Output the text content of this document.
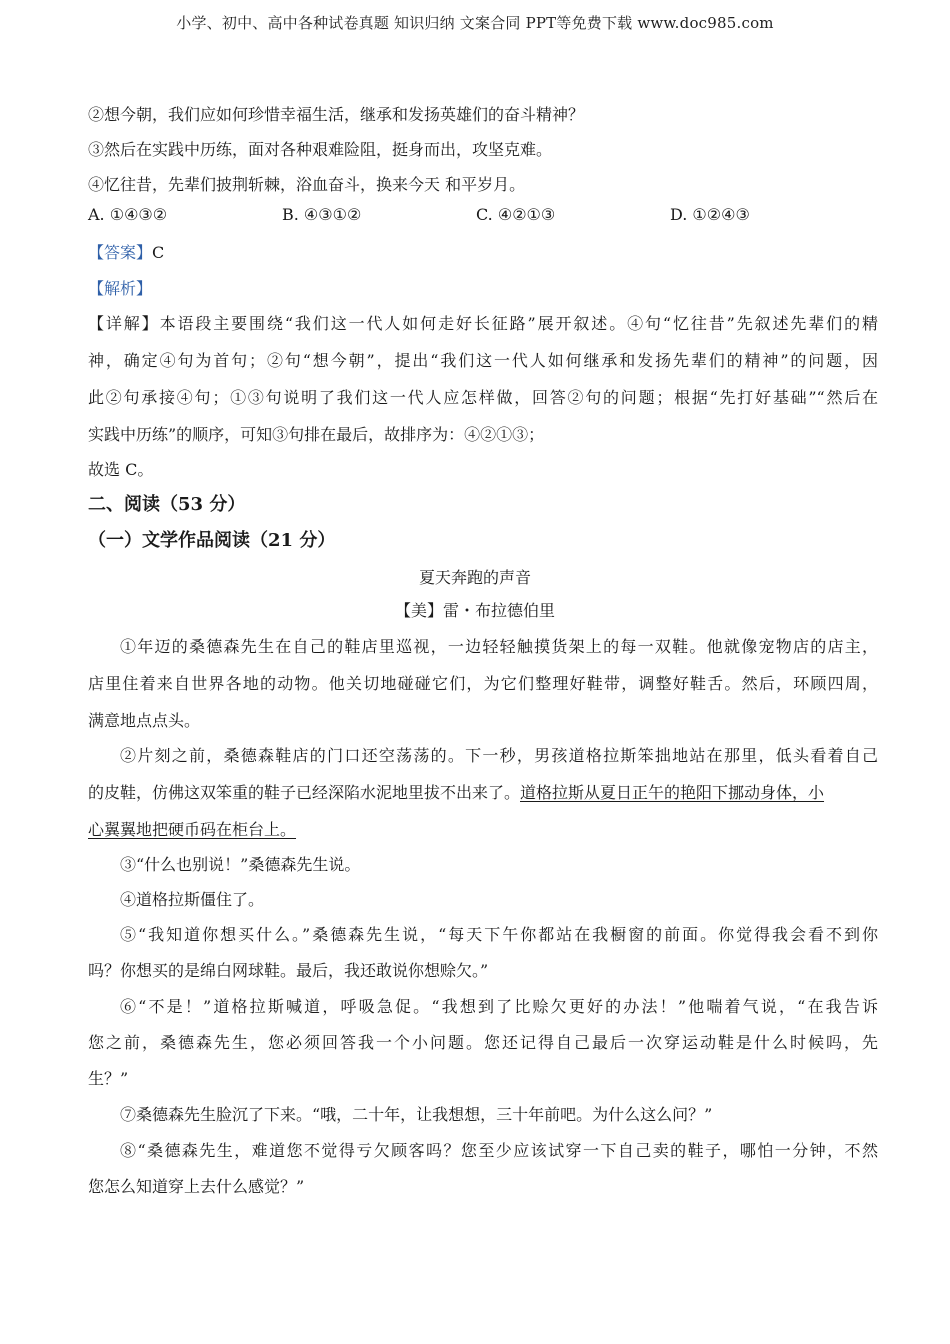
小学、初中、高中各种试卷真题 知识归纳 文案合同 PPT等免费下载 www.doc985.com
②想今朝，我们应如何珍惜幸福生活，继承和发扬英雄们的奋斗精神？
③然后在实践中历练，面对各种艰难险阻，挺身而出，攻坚克难。
④忆往昔，先辈们披荆斩棘，浴血奋斗，换来今天 和平岁月。
A. ①④③②	B. ④③①②	C. ④②①③	D. ①②④③
【答案】C
【解析】
【详解】本语段主要围绕“我们这一代人如何走好长征路”展开叙述。④句“忆往昔”先叙述先辈们的精
神，确定④句为首句；②句“想今朝”，提出“我们这一代人如何继承和发扬先辈们的精神”的问题，因
此②句承接④句；①③句说明了我们这一代人应怎样做，回答②句的问题；根据“先打好基础”“然后在
实践中历练”的顺序，可知③句排在最后，故排序为：④②①③；
故选 C。
二、阅读（53 分）
（一）文学作品阅读（21 分）
夏天奔跑的声音
【美】雷・布拉德伯里
①年迈的桑德森先生在自己的鞋店里巡视，一边轻轻触摸货架上的每一双鞋。他就像宠物店的店主，
店里住着来自世界各地的动物。他关切地碰碰它们，为它们整理好鞋带，调整好鞋舌。然后，环顾四周，
满意地点点头。
②片刻之前，桑德森鞋店的门口还空荡荡的。下一秒，男孩道格拉斯笨拙地站在那里，低头看着自己
的皮鞋，仿佛这双笨重的鞋子已经深陷水泥地里拔不出来了。道格拉斯从夏日正午的艳阳下挪动身体，小
心翼翼地把硬币码在柜台上。
③“什么也别说！”桑德森先生说。
④道格拉斯僵住了。
⑤“我知道你想买什么。”桑德森先生说，“每天下午你都站在我橱窗的前面。你觉得我会看不到你
吗？你想买的是绵白网球鞋。最后，我还敢说你想赊欠。”
⑥“不是！”道格拉斯喊道，呼吸急促。“我想到了比赊欠更好的办法！”他喘着气说，“在我告诉
您之前，桑德森先生，您必须回答我一个小问题。您还记得自己最后一次穿运动鞋是什么时候吗，先
生？”
⑦桑德森先生脸沉了下来。“哦，二十年，让我想想，三十年前吧。为什么这么问？”
⑧“桑德森先生，难道您不觉得亏欠顾客吗？您至少应该试穿一下自己卖的鞋子，哪怕一分钟，不然
您怎么知道穿上去什么感觉？”
